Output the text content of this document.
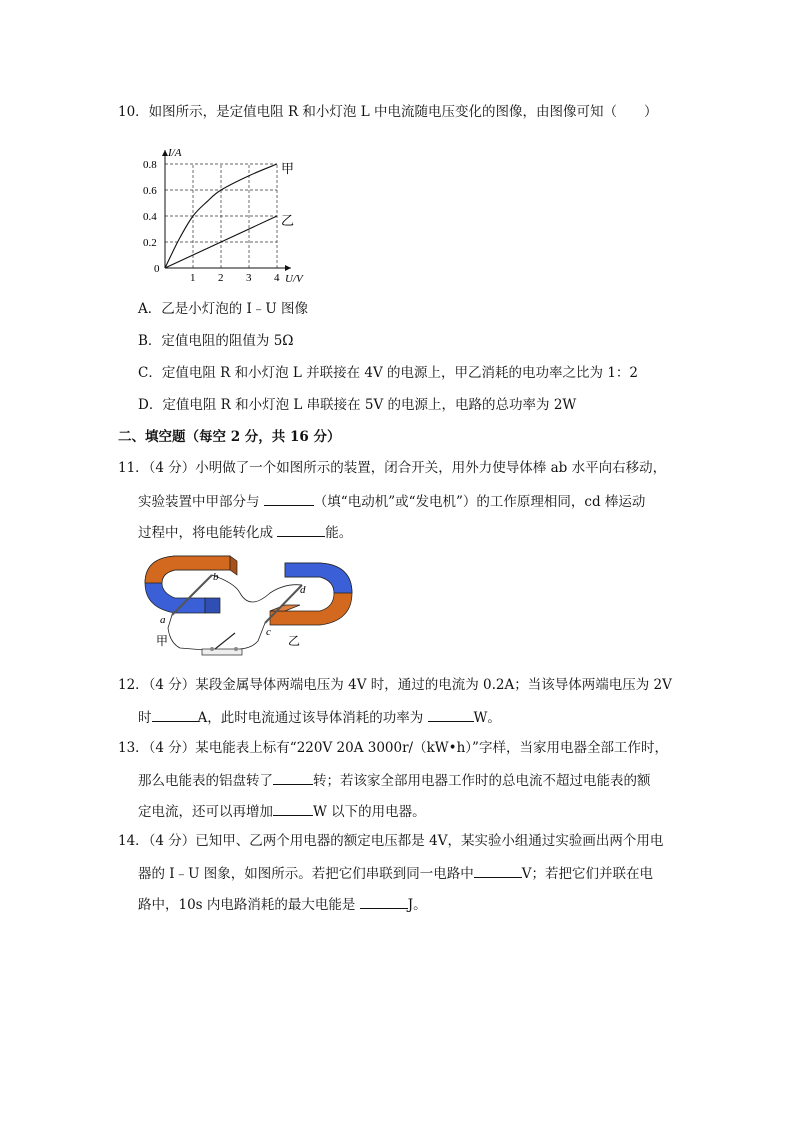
10．如图所示，是定值电阻 R 和小灯泡 L 中电流随电压变化的图像，由图像可知（　　）
甲
乙
1 2 3 4
0.2
0.4
0.6
0.8
0
U/V
I/A
A．乙是小灯泡的 I﹣U 图像
B．定值电阻的阻值为 5Ω
C．定值电阻 R 和小灯泡 L 并联接在 4V 的电源上，甲乙消耗的电功率之比为 1：2
D．定值电阻 R 和小灯泡 L 串联接在 5V 的电源上，电路的总功率为 2W
二、填空题（每空 2 分，共 16 分）
11．（4 分）小明做了一个如图所示的装置，闭合开关，用外力使导体棒 ab 水平向右移动，
实验装置中甲部分与	（填“电动机”或“发电机”）的工作原理相同，cd 棒运动
过程中，将电能转化成	能。
a
b
c
d
甲	乙
12．（4 分）某段金属导体两端电压为 4V 时，通过的电流为 0.2A；当该导体两端电压为 2V
时	A，此时电流通过该导体消耗的功率为	W。
13．（4 分）某电能表上标有“220V 20A 3000r/（kW•h）”字样，当家用电器全部工作时，
那么电能表的铝盘转了	转；若该家全部用电器工作时的总电流不超过电能表的额
定电流，还可以再增加	W 以下的用电器。
14．（4 分）已知甲、乙两个用电器的额定电压都是 4V，某实验小组通过实验画出两个用电
器的 I﹣U 图象，如图所示。若把它们串联到同一电路中	V；若把它们并联在电
路中，10s 内电路消耗的最大电能是	J。
